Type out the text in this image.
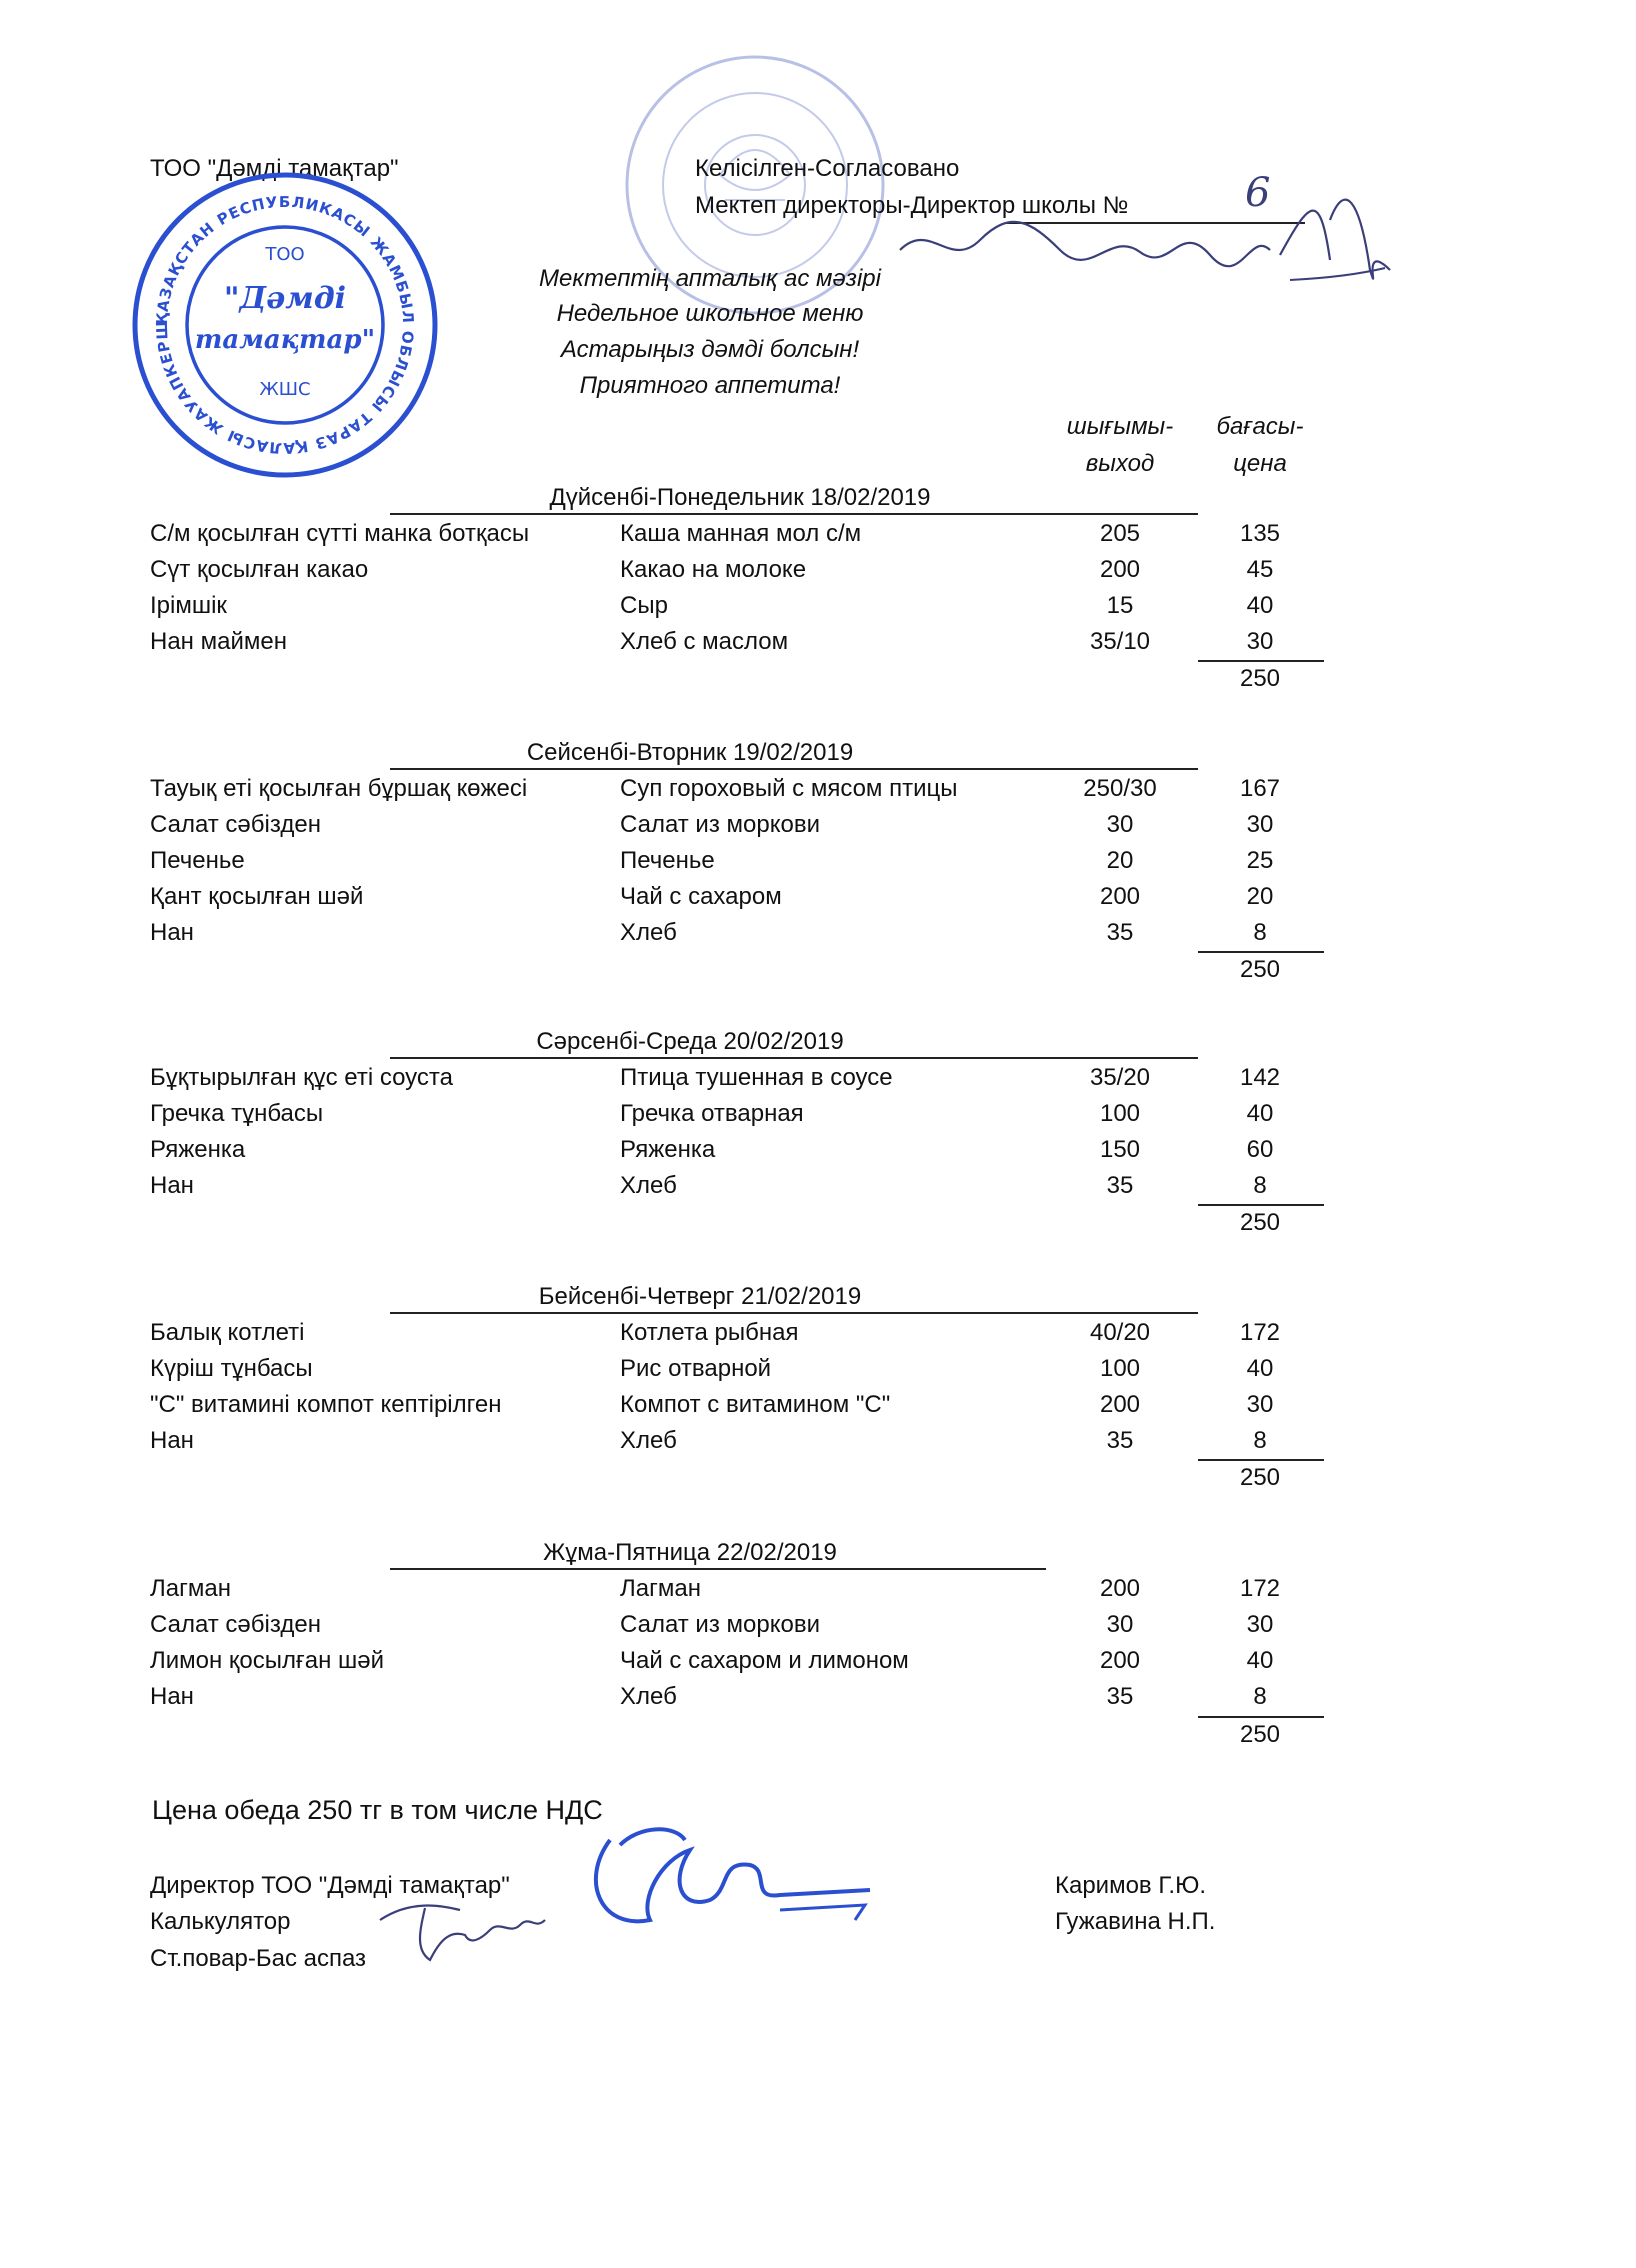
ТОО "Дәмді тамақтар"	Келісілген-Согласовано
Мектеп директоры-Директор школы №	6
ҚАЗАҚСТАН РЕСПУБЛИКАСЫ ЖАМБЫЛ ОБЛЫСЫ ТАРАЗ ҚАЛАСЫ ЖАУАПКЕРШІЛІГІ ШЕКТЕУЛІ СЕРІКТЕСТІГІ
ТОО
"Дәмді
тамақтар"
ЖШС
Мектептің апталық ас мәзірі
Недельное школьное меню
Астарыңыз дәмді болсын!
Приятного аппетита!
шығымы-
выход
бағасы-
цена
Дүйсенбі-Понедельник 18/02/2019
С/м қосылған сүтті манка ботқасы	Каша манная мол с/м	205	135
Сүт қосылған какао	Какао на молоке	200	45
Ірімшік	Сыр	15	40
Нан маймен	Хлеб с маслом	35/10	30
250
Сейсенбі-Вторник 19/02/2019
Тауық еті қосылған бұршақ көжесі	Суп гороховый с мясом птицы	250/30	167
Салат сәбізден	Салат из моркови	30	30
Печенье	Печенье	20	25
Қант қосылған шәй	Чай с сахаром	200	20
Нан	Хлеб	35	8
250
Сәрсенбі-Среда 20/02/2019
Бұқтырылған құс еті соуста	Птица тушенная в соусе	35/20	142
Гречка тұнбасы	Гречка отварная	100	40
Ряженка	Ряженка	150	60
Нан	Хлеб	35	8
250
Бейсенбі-Четверг 21/02/2019
Балық котлеті	Котлета рыбная	40/20	172
Күріш тұнбасы	Рис отварной	100	40
"С" витамині компот кептірілген	Компот с витамином "С"	200	30
Нан	Хлеб	35	8
250
Жұма-Пятница 22/02/2019
Лагман	Лагман	200	172
Салат сәбізден	Салат из моркови	30	30
Лимон қосылған шәй	Чай с сахаром и лимоном	200	40
Нан	Хлеб	35	8
250
Цена обеда 250 тг в том числе НДС
Директор ТОО "Дәмді тамақтар"	Каримов Г.Ю.
Калькулятор	Гужавина Н.П.
Ст.повар-Бас аспаз
